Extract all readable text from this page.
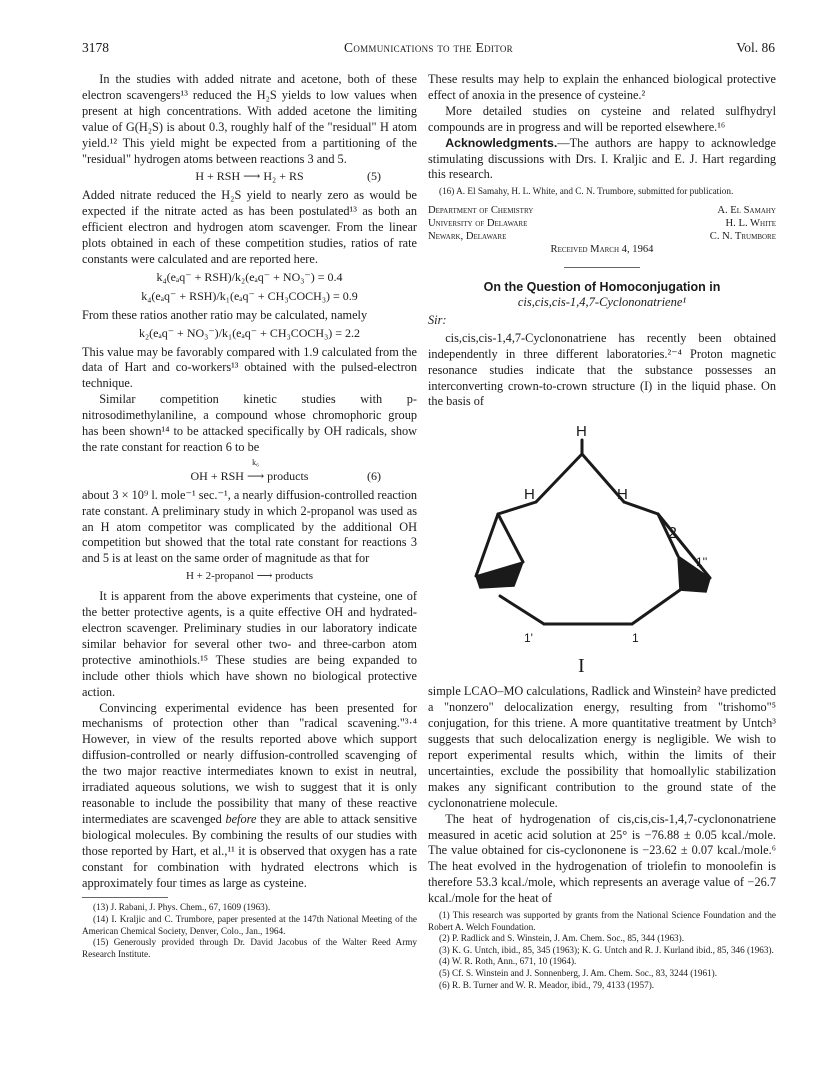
3178	Communications to the Editor	Vol. 86

In the studies with added nitrate and acetone, both of these electron scavengers¹³ reduced the H₂S yields to low values when present at high concentrations. With added acetone the limiting value of G(H₂S) is about 0.3, roughly half of the "residual" H atom yield.¹² This yield might be expected from a partitioning of the "residual" hydrogen atoms between reactions 3 and 5.

H + RSH ⟶ H₂ + RS	(5)

Added nitrate reduced the H₂S yield to nearly zero as would be expected if the nitrate acted as has been postulated¹³ as both an efficient electron and hydrogen atom scavenger. From the linear plots obtained in each of these competition studies, ratios of rate constants were calculated and are reported here.

k₄(eₐq⁻ + RSH)/k₂(eₐq⁻ + NO₃⁻) = 0.4
k₄(eₐq⁻ + RSH)/k₁(eₐq⁻ + CH₃COCH₃) = 0.9

From these ratios another ratio may be calculated, namely

k₂(eₐq⁻ + NO₃⁻)/k₁(eₐq⁻ + CH₃COCH₃) = 2.2

This value may be favorably compared with 1.9 calculated from the data of Hart and co-workers¹³ obtained with the pulsed-electron technique.

Similar competition kinetic studies with p-nitrosodimethylaniline, a compound whose chromophoric group has been shown¹⁴ to be attacked specifically by OH radicals, show the rate constant for reaction 6 to be

k₆
OH + RSH ⟶ products	(6)

about 3 × 10⁹ l. mole⁻¹ sec.⁻¹, a nearly diffusion-controlled reaction rate constant. A preliminary study in which 2-propanol was used as an H atom competitor was complicated by the additional OH competition but showed that the total rate constant for reactions 3 and 5 is at least on the same order of magnitude as that for

H + 2-propanol ⟶ products

It is apparent from the above experiments that cysteine, one of the better protective agents, is a quite effective OH and hydrated-electron scavenger. Preliminary studies in our laboratory indicate similar behavior for several other two- and three-carbon atom protective aminothiols.¹⁵ These studies are being expanded to include other thiols which have shown no biological protective action.

Convincing experimental evidence has been presented for mechanisms of protection other than "radical scavening."³·⁴ However, in view of the results reported above which support diffusion-controlled or nearly diffusion-controlled scavenging of the two major reactive intermediates known to exist in neutral, irradiated aqueous solutions, we wish to suggest that it is only reasonable to include the possibility that many of these reactive intermediates are scavenged before they are able to attack sensitive biological molecules. By combining the results of our studies with those reported by Hart, et al.,¹¹ it is observed that oxygen has a rate constant for combination with hydrated electrons which is approximately four times as large as cysteine.

(13) J. Rabani, J. Phys. Chem., 67, 1609 (1963).

(14) I. Kraljic and C. Trumbore, paper presented at the 147th National Meeting of the American Chemical Society, Denver, Colo., Jan., 1964.

(15) Generously provided through Dr. David Jacobus of the Walter Reed Army Research Institute.

These results may help to explain the enhanced biological protective effect of anoxia in the presence of cysteine.²

More detailed studies on cysteine and related sulfhydryl compounds are in progress and will be reported elsewhere.¹⁶

Acknowledgments.—The authors are happy to acknowledge stimulating discussions with Drs. I. Kraljic and E. J. Hart regarding this research.

(16) A. El Samahy, H. L. White, and C. N. Trumbore, submitted for publication.

Department of Chemistry	A. El Samahy
University of Delaware	H. L. White
Newark, Delaware	C. N. Trumbore
Received March 4, 1964
On the Question of Homoconjugation in
cis,cis,cis-1,4,7-Cyclononatriene¹
Sir:

cis,cis,cis-1,4,7-Cyclononatriene has recently been obtained independently in three different laboratories.²⁻⁴ Proton magnetic resonance studies indicate that the substance possesses an interconverting crown-to-crown structure (I) in the liquid phase. On the basis of

H
H	H
2
1''
1'	1
I

simple LCAO–MO calculations, Radlick and Winstein² have predicted a "nonzero" delocalization energy, resulting from "trishomo"⁵ conjugation, for this triene. A more quantitative treatment by Untch³ suggests that such delocalization energy is negligible. We wish to report experimental results which, within the limits of their uncertainties, exclude the possibility that homoallylic stabilization makes any significant contribution to the ground state of the cyclononatriene molecule.

The heat of hydrogenation of cis,cis,cis-1,4,7-cyclononatriene measured in acetic acid solution at 25° is −76.88 ± 0.05 kcal./mole. The value obtained for cis-cyclononene is −23.62 ± 0.07 kcal./mole.⁶ The heat evolved in the hydrogenation of triolefin to monoolefin is therefore 53.3 kcal./mole, which represents an average value of −26.7 kcal./mole for the heat of

(1) This research was supported by grants from the National Science Foundation and the Robert A. Welch Foundation.

(2) P. Radlick and S. Winstein, J. Am. Chem. Soc., 85, 344 (1963).

(3) K. G. Untch, ibid., 85, 345 (1963); K. G. Untch and R. J. Kurland ibid., 85, 346 (1963).

(4) W. R. Roth, Ann., 671, 10 (1964).

(5) Cf. S. Winstein and J. Sonnenberg, J. Am. Chem. Soc., 83, 3244 (1961).

(6) R. B. Turner and W. R. Meador, ibid., 79, 4133 (1957).
